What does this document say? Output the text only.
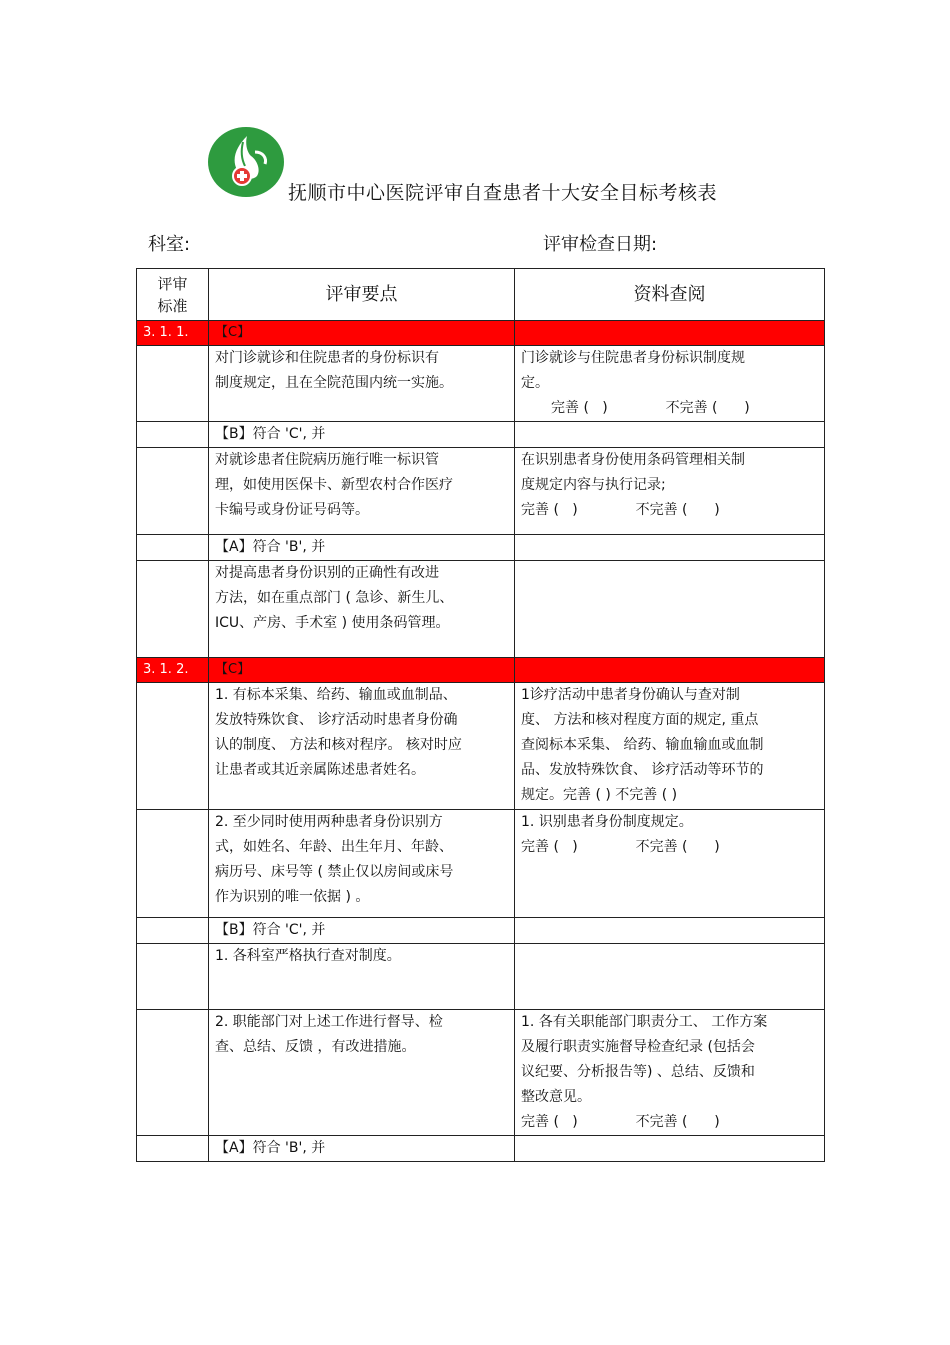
抚顺市中心医院评审自查患者十大安全目标考核表
科室:	评审检查日期:
评审
标准	评审要点	资料查阅

3. 1. 1.	【C】	

	对门诊就诊和住院患者的身份标识有
制度规定，且在全院范围内统一实施。	门诊就诊与住院患者身份标识制度规
定。
完善 (   )             不完善 (      )

	【B】符合 'C', 并	

	对就诊患者住院病历施行唯一标识管
理，如使用医保卡、新型农村合作医疗
卡编号或身份证号码等。	在识别患者身份使用条码管理相关制
度规定内容与执行记录;
完善 (   )             不完善 (      )

	【A】符合 'B', 并	

	对提高患者身份识别的正确性有改进
方法，如在重点部门 ( 急诊、新生儿、
ICU、产房、手术室 ) 使用条码管理。	

3. 1. 2.	【C】	

	1. 有标本采集、给药、输血或血制品、
发放特殊饮食、 诊疗活动时患者身份确
认的制度、 方法和核对程序。 核对时应
让患者或其近亲属陈述患者姓名。	1诊疗活动中患者身份确认与查对制
度、 方法和核对程度方面的规定, 重点
查阅标本采集、 给药、输血输血或血制
品、发放特殊饮食、 诊疗活动等环节的
规定。完善 ( ) 不完善 ( )

	2. 至少同时使用两种患者身份识别方
式，如姓名、年龄、出生年月、年龄、
病历号、床号等 ( 禁止仅以房间或床号
作为识别的唯一依据 ) 。	1. 识别患者身份制度规定。
完善 (   )             不完善 (      )

	【B】符合 'C', 并	

	1. 各科室严格执行查对制度。	

	2. 职能部门对上述工作进行督导、检
查、总结、反馈 ，有改进措施。	1. 各有关职能部门职责分工、 工作方案
及履行职责实施督导检查纪录 (包括会
议纪要、分析报告等) 、总结、反馈和
整改意见。
完善 (   )             不完善 (      )

	【A】符合 'B', 并	
